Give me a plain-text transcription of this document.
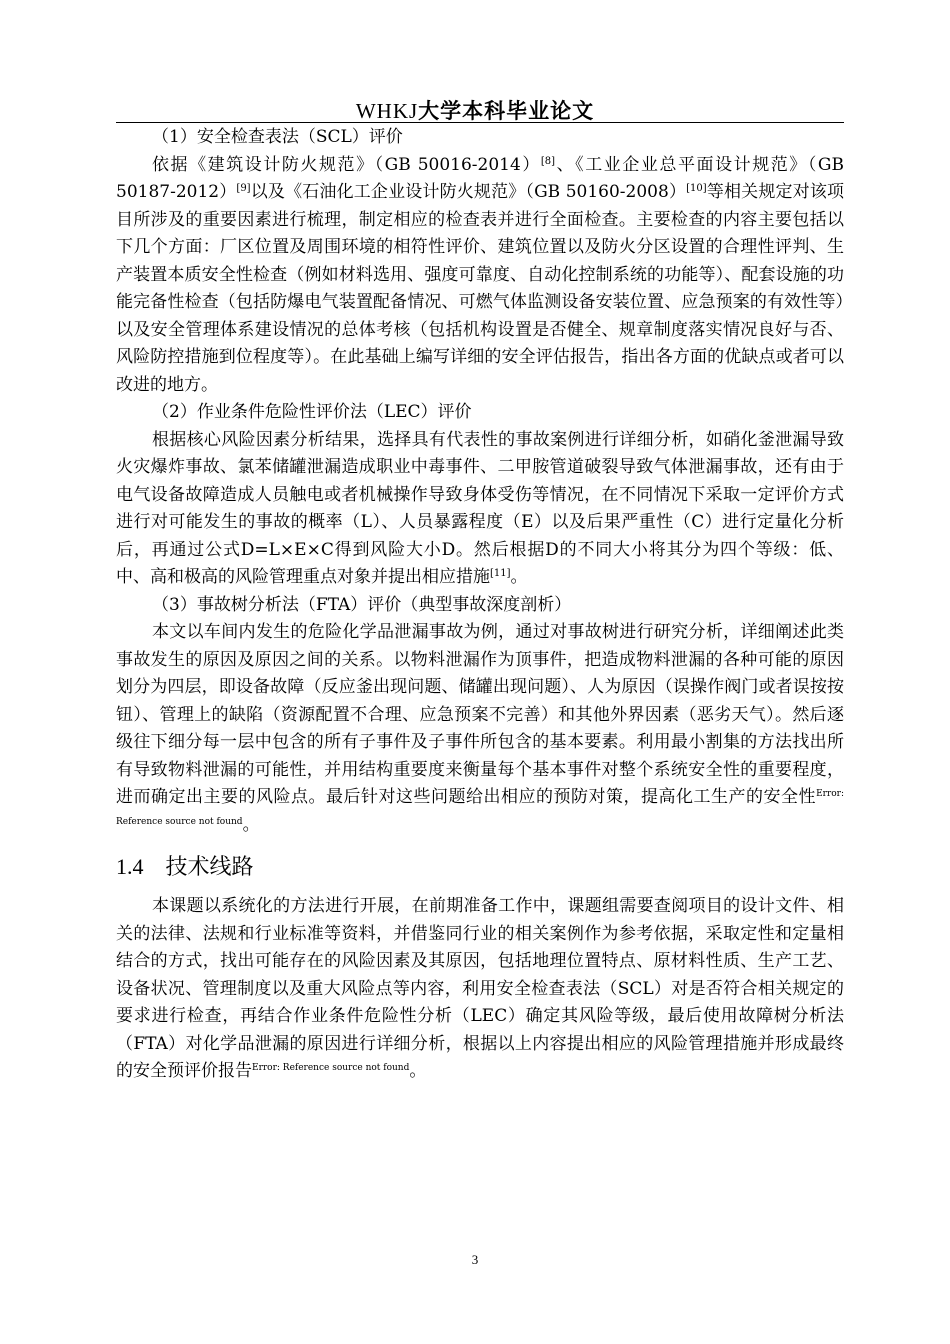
WHKJ大学本科毕业论文

（1）安全检查表法（SCL）评价

依据《建筑设计防火规范》（GB 50016-2014）[8]、《工业企业总平面设计规范》（GB 50187-2012）[9]以及《石油化工企业设计防火规范》（GB 50160-2008）[10]等相关规定对该项目所涉及的重要因素进行梳理，制定相应的检查表并进行全面检查。主要检查的内容主要包括以下几个方面：厂区位置及周围环境的相符性评价、建筑位置以及防火分区设置的合理性评判、生产装置本质安全性检查（例如材料选用、强度可靠度、自动化控制系统的功能等）、配套设施的功能完备性检查（包括防爆电气装置配备情况、可燃气体监测设备安装位置、应急预案的有效性等）以及安全管理体系建设情况的总体考核（包括机构设置是否健全、规章制度落实情况良好与否、风险防控措施到位程度等）。在此基础上编写详细的安全评估报告，指出各方面的优缺点或者可以改进的地方。

（2）作业条件危险性评价法（LEC）评价

根据核心风险因素分析结果，选择具有代表性的事故案例进行详细分析，如硝化釜泄漏导致火灾爆炸事故、氯苯储罐泄漏造成职业中毒事件、二甲胺管道破裂导致气体泄漏事故，还有由于电气设备故障造成人员触电或者机械操作导致身体受伤等情况，在不同情况下采取一定评价方式进行对可能发生的事故的概率（L）、人员暴露程度（E）以及后果严重性（C）进行定量化分析后，再通过公式D=L×E×C得到风险大小D。然后根据D的不同大小将其分为四个等级：低、中、高和极高的风险管理重点对象并提出相应措施[11]。

（3）事故树分析法（FTA）评价（典型事故深度剖析）

本文以车间内发生的危险化学品泄漏事故为例，通过对事故树进行研究分析，详细阐述此类事故发生的原因及原因之间的关系。以物料泄漏作为顶事件，把造成物料泄漏的各种可能的原因划分为四层，即设备故障（反应釜出现问题、储罐出现问题）、人为原因（误操作阀门或者误按按钮）、管理上的缺陷（资源配置不合理、应急预案不完善）和其他外界因素（恶劣天气）。然后逐级往下细分每一层中包含的所有子事件及子事件所包含的基本要素。利用最小割集的方法找出所有导致物料泄漏的可能性，并用结构重要度来衡量每个基本事件对整个系统安全性的重要程度，进而确定出主要的风险点。最后针对这些问题给出相应的预防对策，提高化工生产的安全性$^{Error: Reference source not found}$。

1.4 技术线路

本课题以系统化的方法进行开展，在前期准备工作中，课题组需要查阅项目的设计文件、相关的法律、法规和行业标准等资料，并借鉴同行业的相关案例作为参考依据，采取定性和定量相结合的方式，找出可能存在的风险因素及其原因，包括地理位置特点、原材料性质、生产工艺、设备状况、管理制度以及重大风险点等内容，利用安全检查表法（SCL）对是否符合相关规定的要求进行检查，再结合作业条件危险性分析（LEC）确定其风险等级，最后使用故障树分析法（FTA）对化学品泄漏的原因进行详细分析，根据以上内容提出相应的风险管理措施并形成最终的安全预评价报告$^{Error: Reference source not found}$。

3
